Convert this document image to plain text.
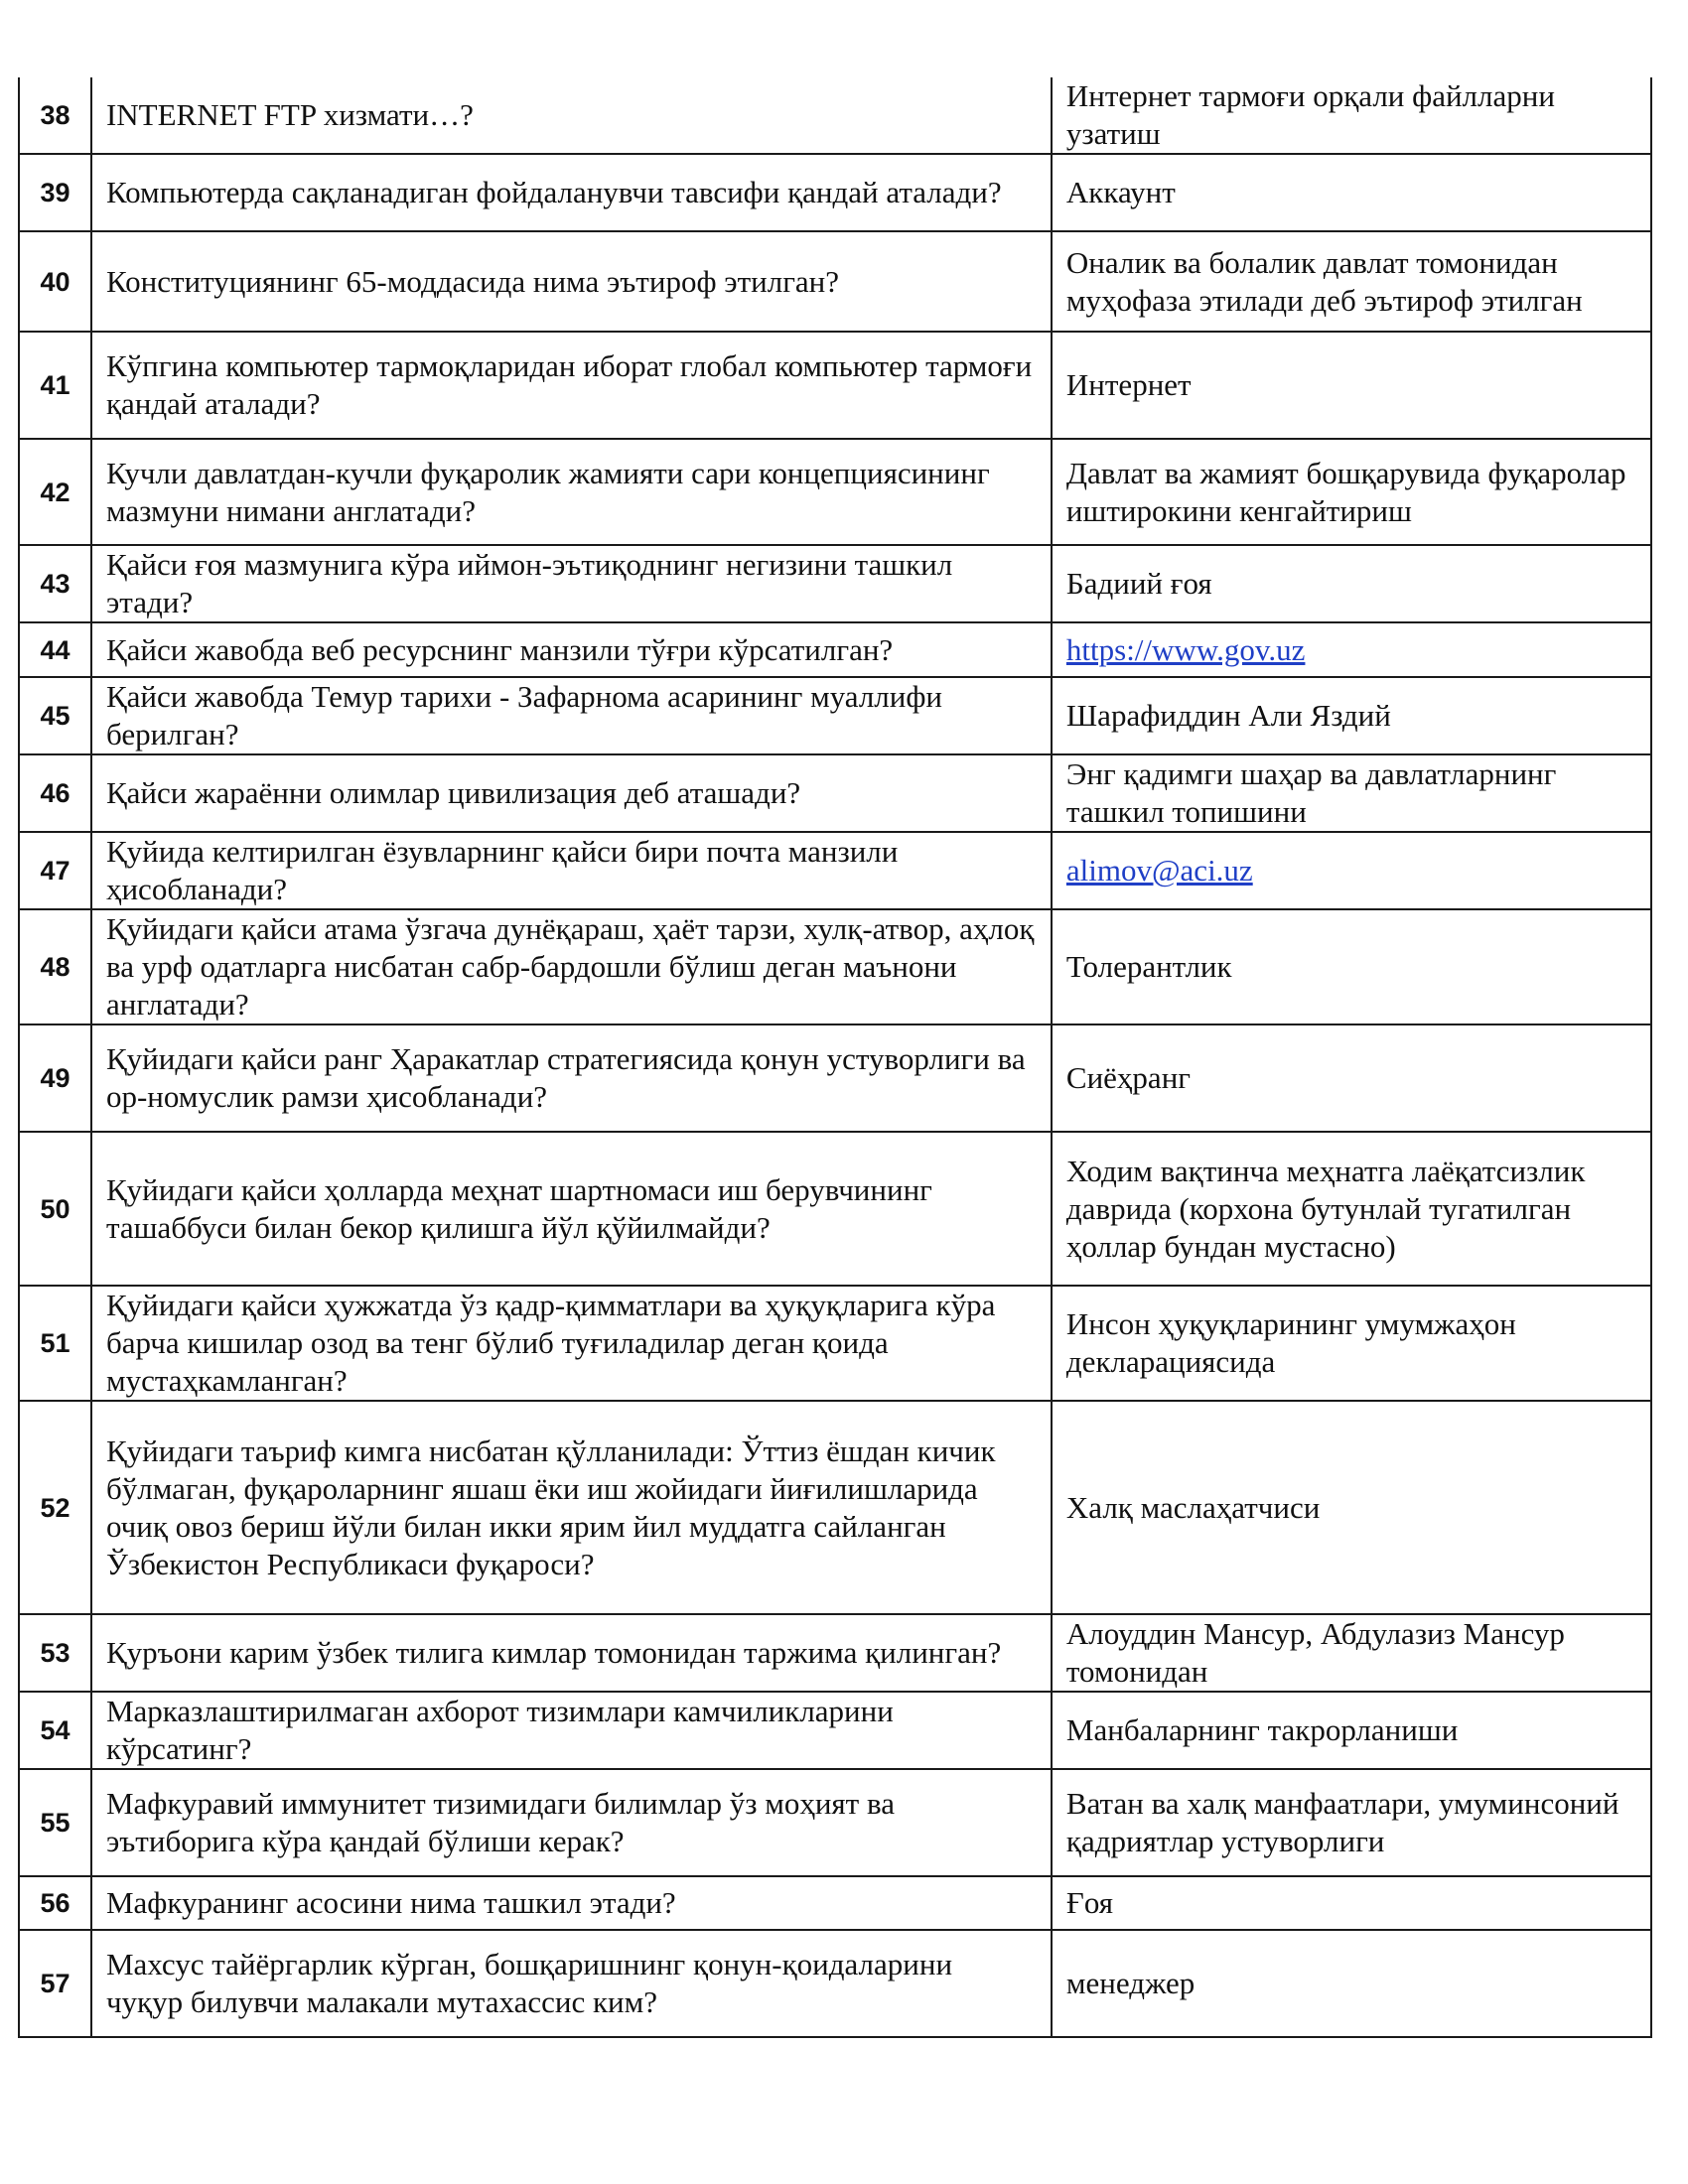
38	INTERNET FTP хизмати…?	Интернет тармоғи орқали файлларни узатиш
39	Компьютерда сақланадиган фойдаланувчи тавсифи қандай аталади?	Аккаунт
40	Конституциянинг 65-моддасида нима эътироф этилган?	Оналик ва болалик давлат томонидан муҳофаза этилади деб эътироф этилган
41	Кўпгина компьютер тармоқларидан иборат глобал компьютер тармоғи қандай аталади?	Интернет
42	Кучли давлатдан-кучли фуқаролик жамияти сари концепциясининг мазмуни нимани англатади?	Давлат ва жамият бошқарувида фуқаролар иштирокини кенгайтириш
43	Қайси ғоя мазмунига кўра иймон-эътиқоднинг негизини ташкил этади?	Бадиий ғоя
44	Қайси жавобда веб ресурснинг манзили тўғри кўрсатилган?	https://www.gov.uz
45	Қайси жавобда Темур тарихи - Зафарнома асарининг муаллифи берилган?	Шарафиддин Али Яздий
46	Қайси жараённи олимлар цивилизация деб аташади?	Энг қадимги шаҳар ва давлатларнинг ташкил топишини
47	Қуйида келтирилган ёзувларнинг қайси бири почта манзили ҳисобланади?	alimov@aci.uz
48	Қуйидаги қайси атама ўзгача дунёқараш, ҳаёт тарзи, хулқ-атвор, аҳлоқ ва урф одатларга нисбатан сабр-бардошли бўлиш деган маънони англатади?	Толерантлик
49	Қуйидаги қайси ранг Ҳаракатлар стратегиясида қонун устуворлиги ва ор-номуслик рамзи ҳисобланади?	Сиёҳранг
50	Қуйидаги қайси ҳолларда меҳнат шартномаси иш берувчининг ташаббуси билан бекор қилишга йўл қўйилмайди?	Ходим вақтинча меҳнатга лаёқатсизлик даврида (корхона бутунлай тугатилган ҳоллар бундан мустасно)
51	Қуйидаги қайси ҳужжатда ўз қадр-қимматлари ва ҳуқуқларига кўра барча кишилар озод ва тенг бўлиб туғиладилар деган қоида мустаҳкамланган?	Инсон ҳуқуқларининг умумжаҳон декларациясида
52	Қуйидаги таъриф кимга нисбатан қўлланилади: Ўттиз ёшдан кичик бўлмаган, фуқароларнинг яшаш ёки иш жойидаги йиғилишларида очиқ овоз бериш йўли билан икки ярим йил муддатга сайланган Ўзбекистон Республикаси фуқароси?	Халқ маслаҳатчиси
53	Қуръони карим ўзбек тилига кимлар томонидан таржима қилинган?	Алоуддин Мансур, Абдулазиз Мансур томонидан
54	Марказлаштирилмаган ахборот тизимлари камчиликларини кўрсатинг?	Манбаларнинг такрорланиши
55	Мафкуравий иммунитет тизимидаги билимлар ўз моҳият ва эътиборига кўра қандай бўлиши керак?	Ватан ва халқ манфаатлари, умуминсоний қадриятлар устуворлиги
56	Мафкуранинг асосини нима ташкил этади?	Ғоя
57	Махсус тайёргарлик кўрган, бошқаришнинг қонун-қоидаларини чуқур билувчи малакали мутахассис ким?	менеджер
